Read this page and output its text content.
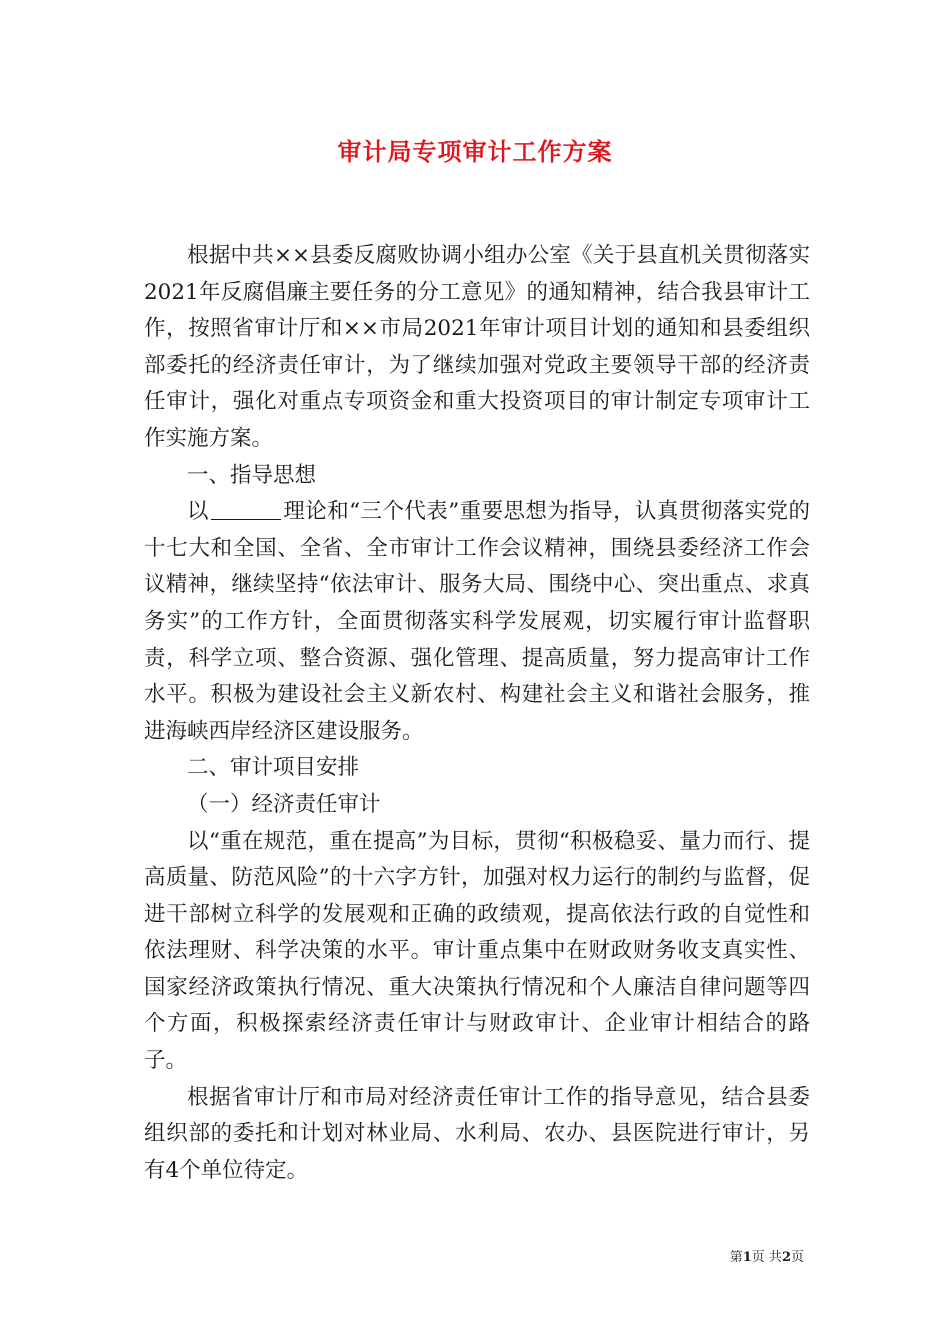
审计局专项审计工作方案

根据中共××县委反腐败协调小组办公室《关于县直机关贯彻落实2021年反腐倡廉主要任务的分工意见》的通知精神，结合我县审计工作，按照省审计厅和××市局2021年审计项目计划的通知和县委组织部委托的经济责任审计，为了继续加强对党政主要领导干部的经济责任审计，强化对重点专项资金和重大投资项目的审计制定专项审计工作实施方案。

一、指导思想

以	理论和“三个代表”重要思想为指导，认真贯彻落实党的十七大和全国、全省、全市审计工作会议精神，围绕县委经济工作会议精神，继续坚持“依法审计、服务大局、围绕中心、突出重点、求真务实”的工作方针，全面贯彻落实科学发展观，切实履行审计监督职责，科学立项、整合资源、强化管理、提高质量，努力提高审计工作水平。积极为建设社会主义新农村、构建社会主义和谐社会服务，推进海峡西岸经济区建设服务。

二、审计项目安排

（一）经济责任审计

以“重在规范，重在提高”为目标，贯彻“积极稳妥、量力而行、提高质量、防范风险”的十六字方针，加强对权力运行的制约与监督，促进干部树立科学的发展观和正确的政绩观，提高依法行政的自觉性和依法理财、科学决策的水平。审计重点集中在财政财务收支真实性、国家经济政策执行情况、重大决策执行情况和个人廉洁自律问题等四个方面，积极探索经济责任审计与财政审计、企业审计相结合的路子。

根据省审计厅和市局对经济责任审计工作的指导意见，结合县委组织部的委托和计划对林业局、水利局、农办、县医院进行审计，另有4个单位待定。

第1页 共2页
